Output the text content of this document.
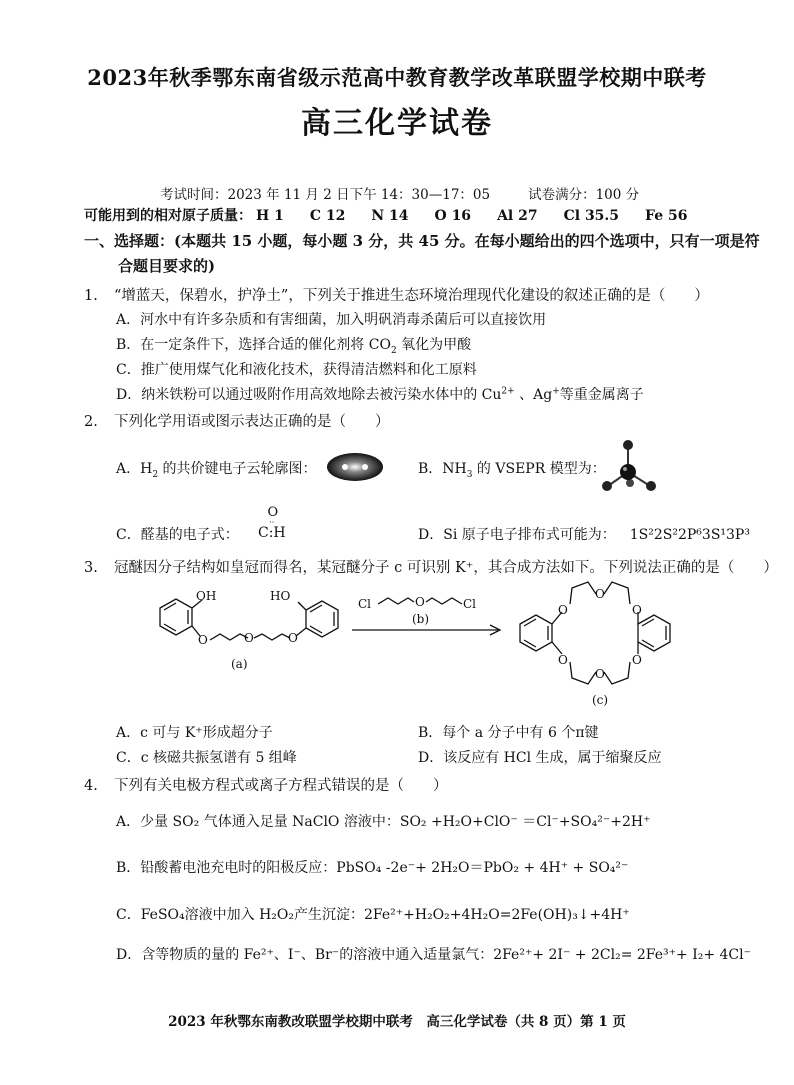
2023年秋季鄂东南省级示范高中教育教学改革联盟学校期中联考
高三化学试卷
考试时间：2023 年 11 月 2 日下午 14：30—17：05	试卷满分：100 分
可能用到的相对原子质量： H 1 C 12 N 14 O 16 Al 27 Cl 35.5 Fe 56
一、选择题：(本题共 15 小题，每小题 3 分，共 45 分。在每小题给出的四个选项中，只有一项是符
合题目要求的)
1. “增蓝天，保碧水，护净土”，下列关于推进生态环境治理现代化建设的叙述正确的是（　　）
A．河水中有许多杂质和有害细菌，加入明矾消毒杀菌后可以直接饮用
B．在一定条件下，选择合适的催化剂将 $CO_2$ 氧化为甲酸
C．推广使用煤气化和液化技术，获得清洁燃料和化工原料
D．纳米铁粉可以通过吸附作用高效地除去被污染水体中的 $Cu^{2+}$ 、Ag+等重金属离子
2. 下列化学用语或图示表达正确的是（　　）
A．$H_2$ 的共价键电子云轮廓图：	B．$NH_3$ 的 VSEPR 模型为：
C．醛基的电子式：
O
··
C:H	D．Si 原子电子排布式可能为： 1S²2S²2P⁶3S¹3P³
3. 冠醚因分子结构如皇冠而得名，某冠醚分子 c 可识别 K⁺，其合成方法如下。下列说法正确的是（　　）
OH	HO
O	O	O
(a)
Cl	O	Cl
(b)
O
O
O
O
O
O
(c)
A．c 可与 K⁺形成超分子	B．每个 a 分子中有 6 个π键
C．c 核磁共振氢谱有 5 组峰	D．该反应有 HCl 生成，属于缩聚反应
4. 下列有关电极方程式或离子方程式错误的是（　　）
A．少量 SO₂ 气体通入足量 NaClO 溶液中：SO₂ +H₂O+ClO⁻ ＝Cl⁻+SO₄²⁻+2H⁺
B．铅酸蓄电池充电时的阳极反应：PbSO₄ -2e⁻+ 2H₂O＝PbO₂ + 4H⁺ + SO₄²⁻
C．FeSO₄溶液中加入 H₂O₂产生沉淀：2Fe²⁺+H₂O₂+4H₂O=2Fe(OH)₃↓+4H⁺
D．含等物质的量的 Fe²⁺、I⁻、Br⁻的溶液中通入适量氯气：2Fe²⁺+ 2I⁻ + 2Cl₂= 2Fe³⁺+ I₂+ 4Cl⁻
2023 年秋鄂东南教改联盟学校期中联考　高三化学试卷（共 8 页）第 1 页
